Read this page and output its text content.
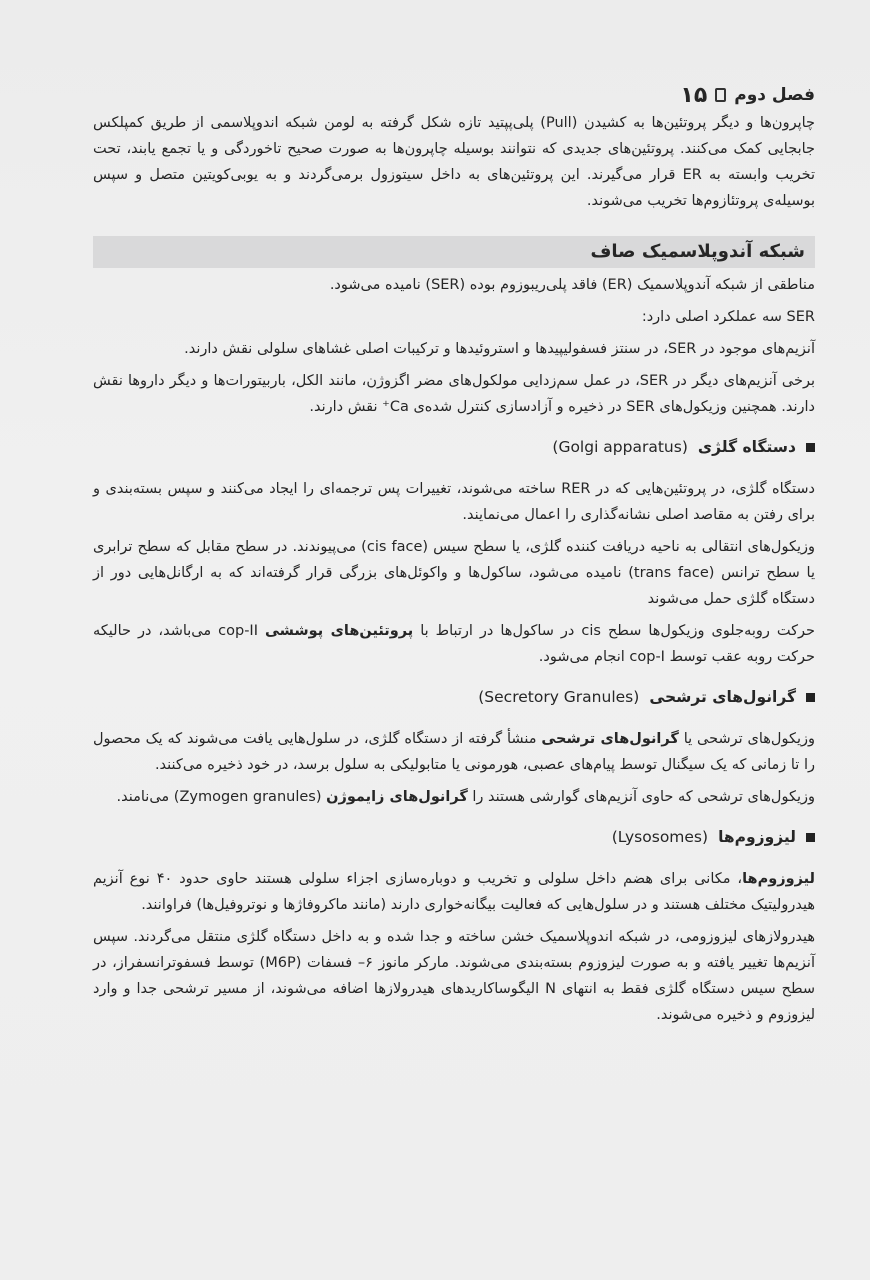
فصل دوم
۱۵

چاپرون‌ها و دیگر پروتئین‌ها به کشیدن (Pull) پلی‌پپتید تازه شکل گرفته به لومن شبکه اندوپلاسمی از طریق کمپلکس جابجایی کمک می‌کنند. پروتئین‌های جدیدی که نتوانند بوسیله چاپرون‌ها به صورت صحیح تاخوردگی و یا تجمع یابند، تحت تخریب وابسته به ER قرار می‌گیرند. این پروتئین‌های به داخل سیتوزول برمی‌گردند و به یوبی‌کویتین متصل و سپس بوسیله‌ی پروتئازوم‌ها تخریب می‌شوند.

شبکه آندوپلاسمیک صاف

مناطقی از شبکه آندوپلاسمیک (ER) فاقد پلی‌ریبوزوم بوده (SER) نامیده می‌شود.

SER سه عملکرد اصلی دارد:

آنزیم‌های موجود در SER، در سنتز فسفولیپیدها و استروئیدها و ترکیبات اصلی غشاهای سلولی نقش دارند.

برخی آنزیم‌های دیگر در SER، در عمل سم‌زدایی مولکول‌های مضر اگزوژن، مانند الکل، باربیتورات‌ها و دیگر داروها نقش دارند. همچنین وزیکول‌های SER در ذخیره و آزادسازی کنترل شده‌ی Ca⁺ نقش دارند.

دستگاه گلژی
(Golgi apparatus)

دستگاه گلژی، در پروتئین‌هایی که در RER ساخته می‌شوند، تغییرات پس ترجمه‌ای را ایجاد می‌کنند و سپس بسته‌بندی و برای رفتن به مقاصد اصلی نشانه‌گذاری را اعمال می‌نمایند.

وزیکول‌های انتقالی به ناحیه دریافت کننده گلژی، یا سطح سیس (cis face) می‌پیوندند. در سطح مقابل که سطح ترابری یا سطح ترانس (trans face) نامیده می‌شود، ساکول‌ها و واکوئل‌های بزرگی قرار گرفته‌اند که به ارگانل‌هایی دور از دستگاه گلژی حمل می‌شوند

حرکت روبه‌جلوی وزیکول‌ها سطح cis در ساکول‌ها در ارتباط با پروتئین‌های پوششی cop-II می‌باشد، در حالیکه حرکت روبه عقب توسط cop-I انجام می‌شود.

گرانول‌های ترشحی
(Secretory Granules)

وزیکول‌های ترشحی یا گرانول‌های ترشحی منشأ گرفته از دستگاه گلژی، در سلول‌هایی یافت می‌شوند که یک محصول را تا زمانی که یک سیگنال توسط پیام‌های عصبی، هورمونی یا متابولیکی به سلول برسد، در خود ذخیره می‌کنند.

وزیکول‌های ترشحی که حاوی آنزیم‌های گوارشی هستند را گرانول‌های زایموژن (Zymogen granules) می‌نامند.

لیزوزوم‌ها
(Lysosomes)

لیزوزوم‌ها، مکانی برای هضم داخل سلولی و تخریب و دوباره‌سازی اجزاء سلولی هستند حاوی حدود ۴۰ نوع آنزیم هیدرولیتیک مختلف هستند و در سلول‌هایی که فعالیت بیگانه‌خواری دارند (مانند ماکروفاژها و نوتروفیل‌ها) فراوانند.

هیدرولازهای لیزوزومی، در شبکه اندوپلاسمیک خشن ساخته و جدا شده و به داخل دستگاه گلژی منتقل می‌گردند. سپس آنزیم‌ها تغییر یافته و به صورت لیزوزوم بسته‌بندی می‌شوند. مارکر مانوز ۶– فسفات (M6P) توسط فسفوترانسفراز، در سطح سیس دستگاه گلژی فقط به انتهای N الیگوساکاریدهای هیدرولازها اضافه می‌شوند، از مسیر ترشحی جدا و وارد لیزوزوم و ذخیره می‌شوند.
